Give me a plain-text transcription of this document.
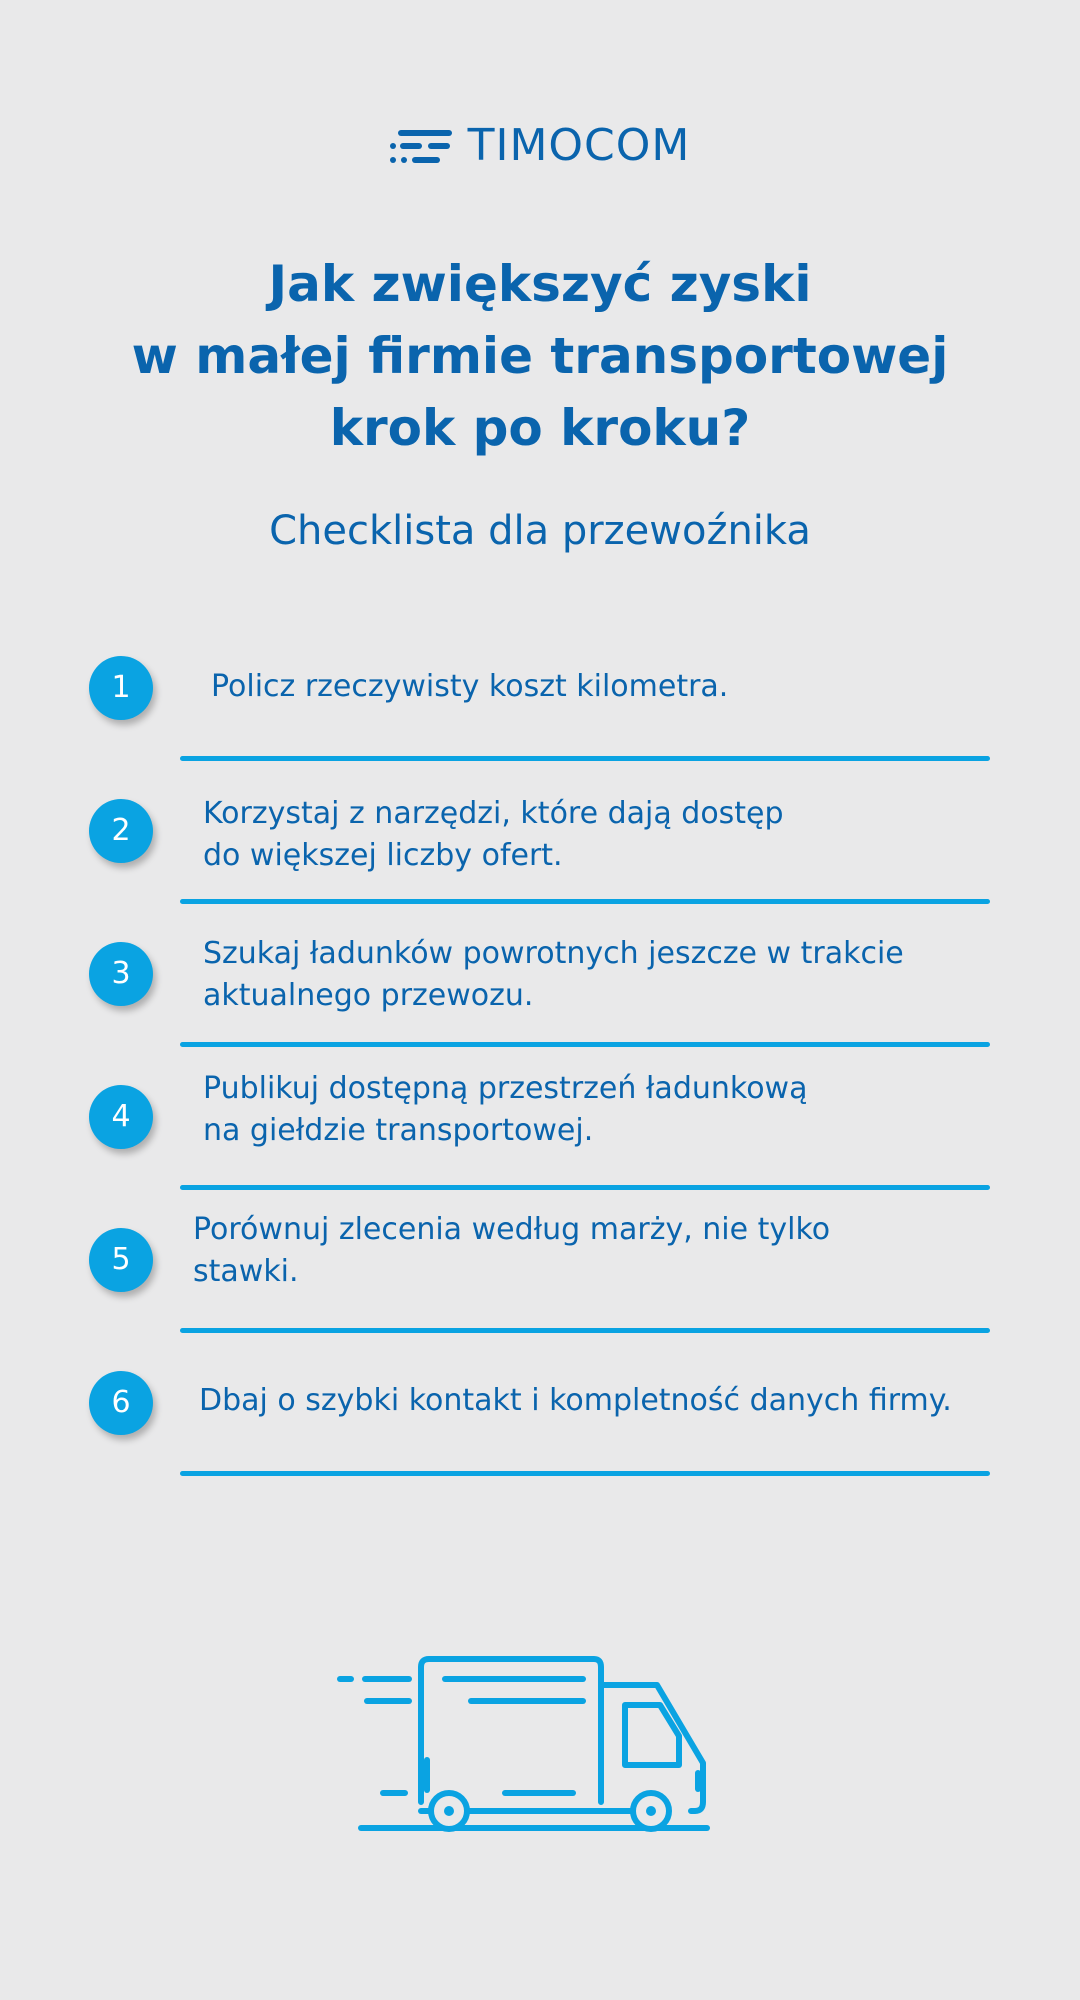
TIMOCOM
Jak zwiększyć zyski
w małej firmie transportowej
krok po kroku?
Checklista dla przewoźnika
1	Policz rzeczywisty koszt kilometra.
2	Korzystaj z narzędzi, które dają dostęp
do większej liczby ofert.
3
Szukaj ładunków powrotnych jeszcze w trakcie
aktualnego przewozu.
4
Publikuj dostępną przestrzeń ładunkową
na giełdzie transportowej.
5
Porównuj zlecenia według marży, nie tylko
stawki.
6	Dbaj o szybki kontakt i kompletność danych firmy.
